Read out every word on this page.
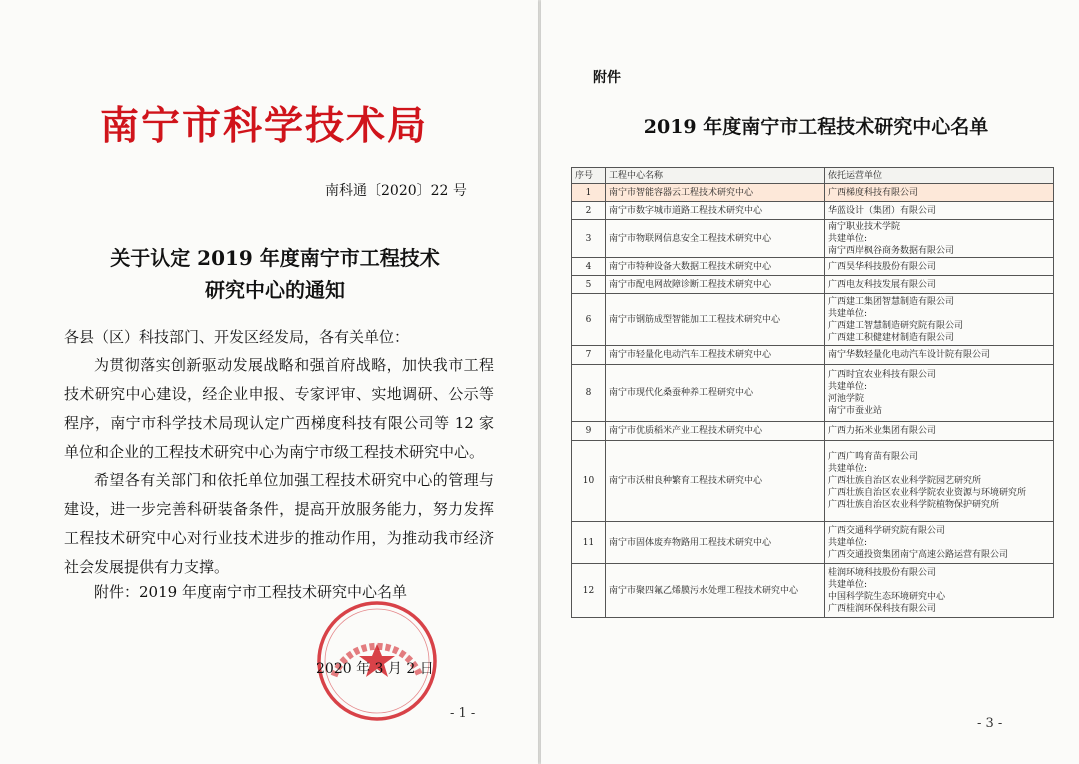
南宁市科学技术局
南科通〔2020〕22 号
关于认定 2019 年度南宁市工程技术
研究中心的通知
各县（区）科技部门、开发区经发局，各有关单位：
为贯彻落实创新驱动发展战略和强首府战略，加快我市工程技术研究中心建设，经企业申报、专家评审、实地调研、公示等程序，南宁市科学技术局现认定广西梯度科技有限公司等 12 家单位和企业的工程技术研究中心为南宁市级工程技术研究中心。
希望各有关部门和依托单位加强工程技术研究中心的管理与建设，进一步完善科研装备条件，提高开放服务能力，努力发挥工程技术研究中心对行业技术进步的推动作用，为推动我市经济社会发展提供有力支撑。
附件：2019 年度南宁市工程技术研究中心名单
2020 年 3 月 2 日
- 1 -
附件
2019 年度南宁市工程技术研究中心名单
序号	工程中心名称	依托运营单位
1	南宁市智能容器云工程技术研究中心	广西梯度科技有限公司

2	南宁市数字城市道路工程技术研究中心	华蓝设计（集团）有限公司

3	南宁市物联网信息安全工程技术研究中心	南宁职业技术学院
共建单位:
南宁西岸枫谷商务数据有限公司

4	南宁市特种设备大数据工程技术研究中心	广西昊华科技股份有限公司

5	南宁市配电网故障诊断工程技术研究中心	广西电友科技发展有限公司

6	南宁市钢筋成型智能加工工程技术研究中心	广西建工集团智慧制造有限公司
共建单位:
广西建工智慧制造研究院有限公司
广西建工积健建材制造有限公司

7	南宁市轻量化电动汽车工程技术研究中心	南宁华数轻量化电动汽车设计院有限公司

8	南宁市现代化桑蚕种养工程研究中心	广西时宜农业科技有限公司
共建单位:
河池学院
南宁市蚕业站

9	南宁市优质稻米产业工程技术研究中心	广西力拓米业集团有限公司

10	南宁市沃柑良种繁育工程技术研究中心	广西广鸣育苗有限公司
共建单位:
广西壮族自治区农业科学院园艺研究所
广西壮族自治区农业科学院农业资源与环境研究所
广西壮族自治区农业科学院植物保护研究所

11	南宁市固体废弃物路用工程技术研究中心	广西交通科学研究院有限公司
共建单位:
广西交通投资集团南宁高速公路运营有限公司

12	南宁市聚四氟乙烯膜污水处理工程技术研究中心	桂润环境科技股份有限公司
共建单位:
中国科学院生态环境研究中心
广西桂润环保科技有限公司
- 3 -
